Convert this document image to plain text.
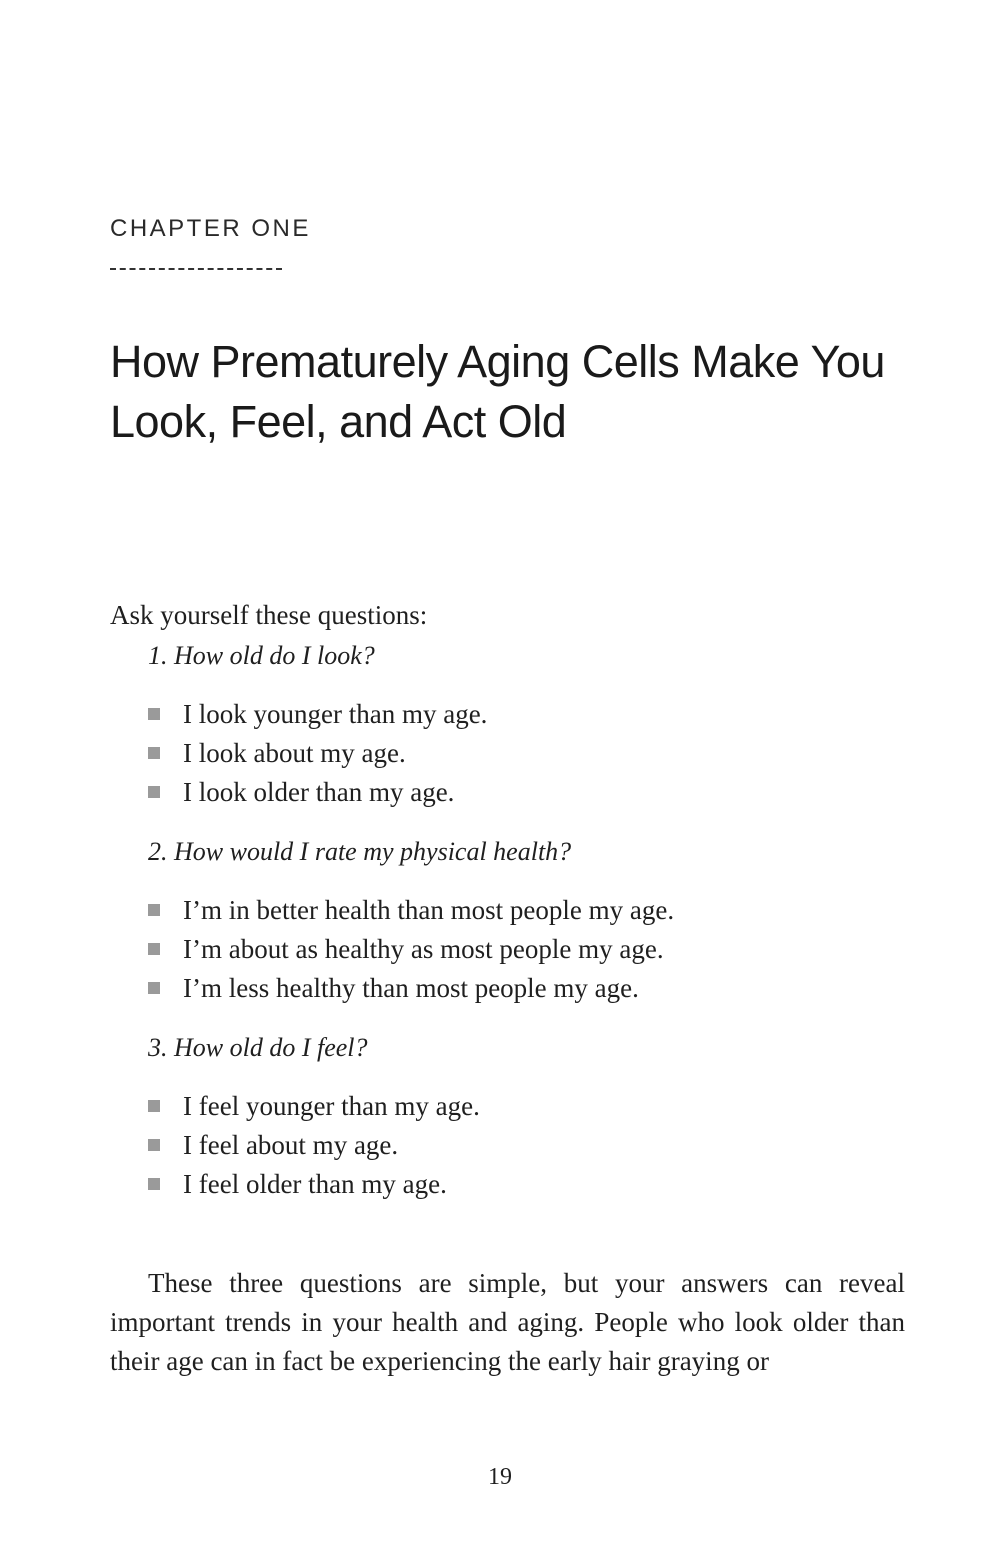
CHAPTER ONE

How Prematurely Aging Cells Make You
Look, Feel, and Act Old

Ask yourself these questions:

1. How old do I look?

I look younger than my age.
I look about my age.
I look older than my age.

2. How would I rate my physical health?

I’m in better health than most people my age.
I’m about as healthy as most people my age.
I’m less healthy than most people my age.

3. How old do I feel?

I feel younger than my age.
I feel about my age.
I feel older than my age.

These three questions are simple, but your answers can reveal important trends in your health and aging. People who look older than their age can in fact be experiencing the early hair graying or

19
